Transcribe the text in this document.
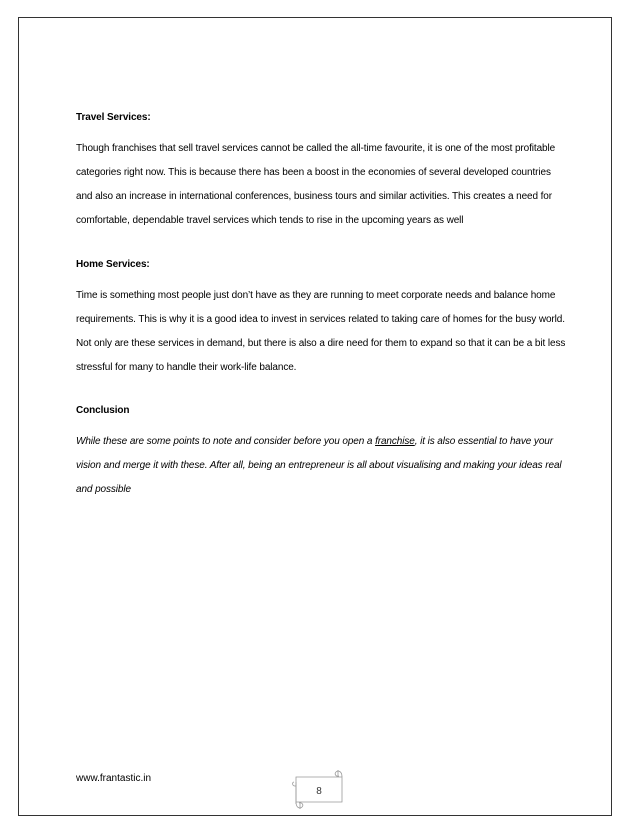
Travel Services:

Though franchises that sell travel services cannot be called the all-time favourite, it is one of the most profitable categories right now. This is because there has been a boost in the economies of several developed countries and also an increase in international conferences, business tours and similar activities. This creates a need for comfortable, dependable travel services which tends to rise in the upcoming years as well

Home Services:

Time is something most people just don’t have as they are running to meet corporate needs and balance home requirements. This is why it is a good idea to invest in services related to taking care of homes for the busy world. Not only are these services in demand, but there is also a dire need for them to expand so that it can be a bit less stressful for many to handle their work-life balance.

Conclusion

While these are some points to note and consider before you open a franchise, it is also essential to have your vision and merge it with these. After all, being an entrepreneur is all about visualising and making your ideas real and possible

www.frantastic.in
8
